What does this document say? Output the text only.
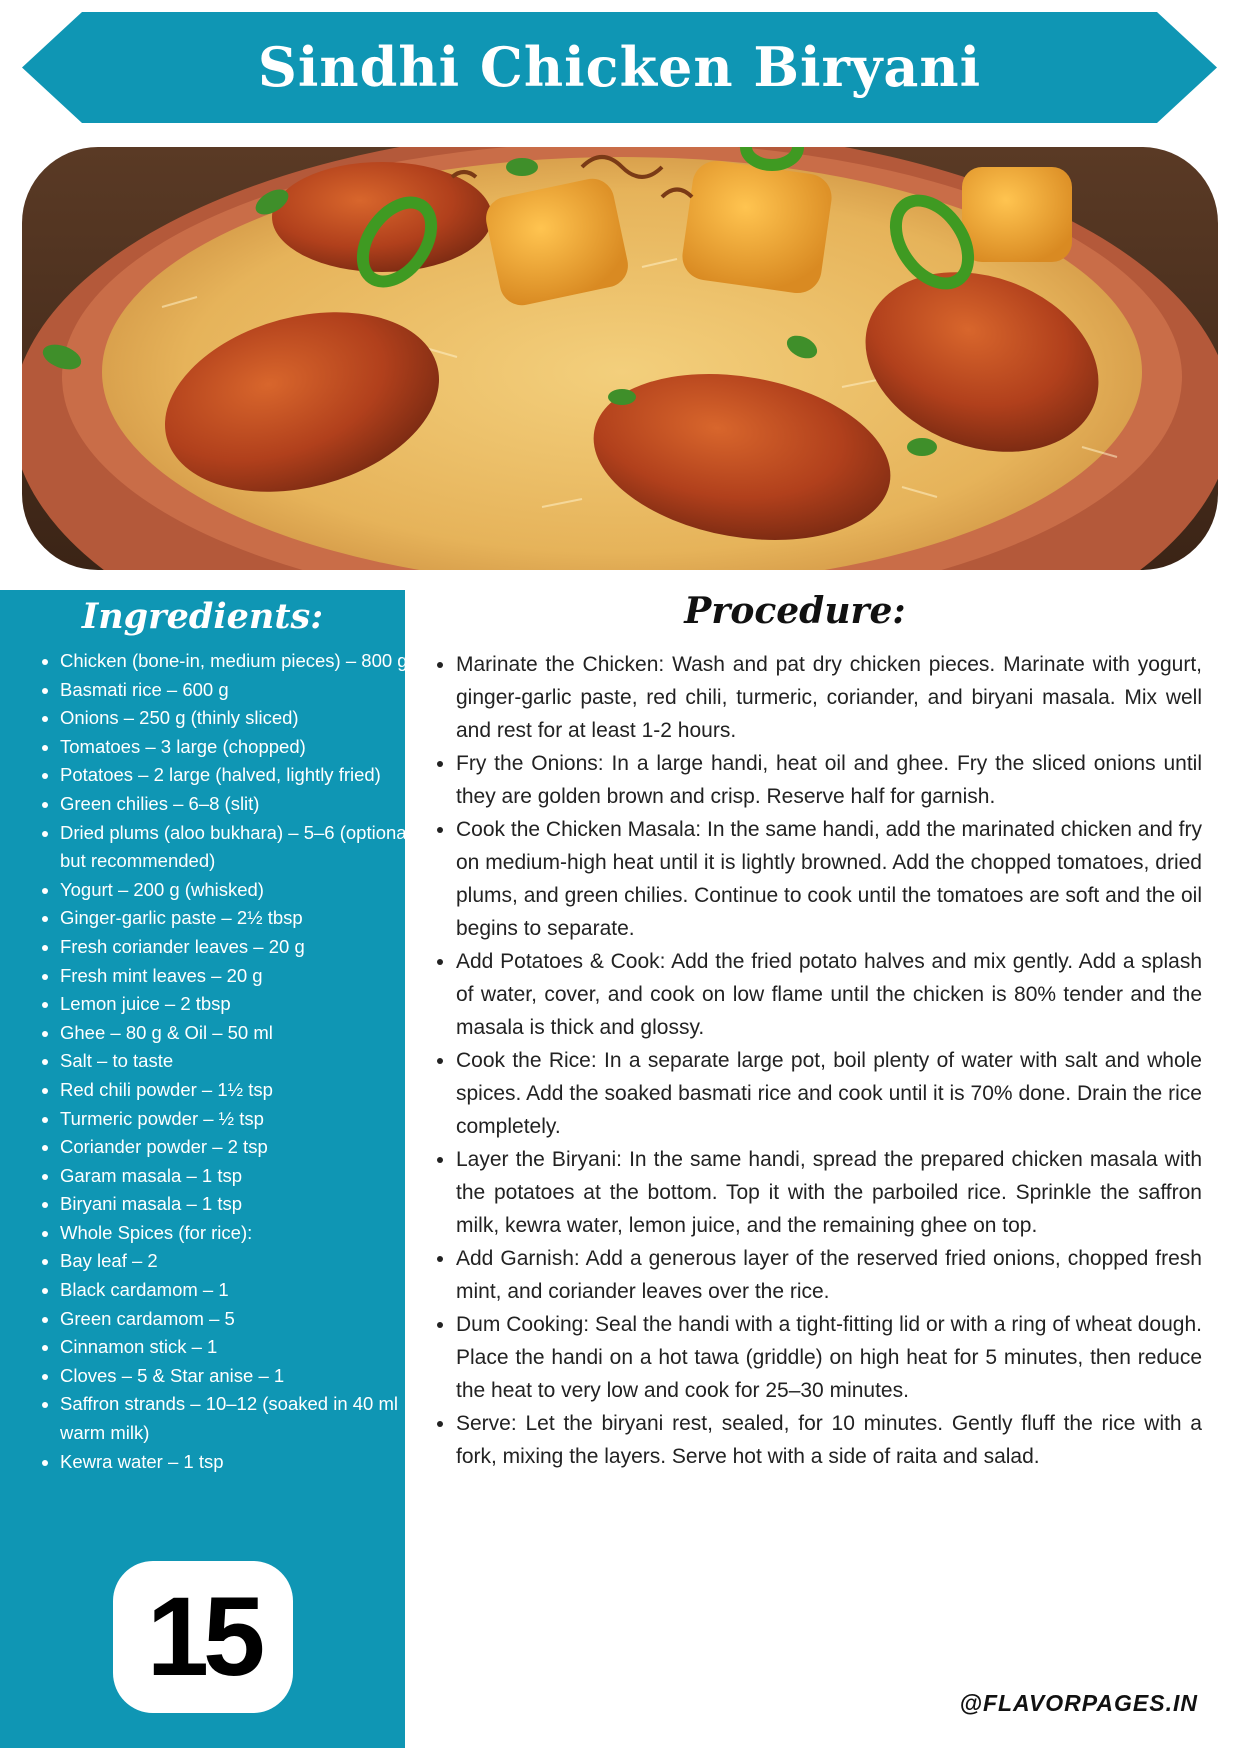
Sindhi Chicken Biryani
Ingredients:
• Chicken (bone-in, medium pieces) – 800 g
• Basmati rice – 600 g
• Onions – 250 g (thinly sliced)
• Tomatoes – 3 large (chopped)
• Potatoes – 2 large (halved, lightly fried)
• Green chilies – 6–8 (slit)
• Dried plums (aloo bukhara) – 5–6 (optional, but recommended)
• Yogurt – 200 g (whisked)
• Ginger-garlic paste – 2½ tbsp
• Fresh coriander leaves – 20 g
• Fresh mint leaves – 20 g
• Lemon juice – 2 tbsp
• Ghee – 80 g & Oil – 50 ml
• Salt – to taste
• Red chili powder – 1½ tsp
• Turmeric powder – ½ tsp
• Coriander powder – 2 tsp
• Garam masala – 1 tsp
• Biryani masala – 1 tsp
• Whole Spices (for rice):
• Bay leaf – 2
• Black cardamom – 1
• Green cardamom – 5
• Cinnamon stick – 1
• Cloves – 5 & Star anise – 1
• Saffron strands – 10–12 (soaked in 40 ml warm milk)
• Kewra water – 1 tsp
15
Procedure:
• Marinate the Chicken: Wash and pat dry chicken pieces. Marinate with yogurt, ginger-garlic paste, red chili, turmeric, coriander, and biryani masala. Mix well and rest for at least 1-2 hours.
• Fry the Onions: In a large handi, heat oil and ghee. Fry the sliced onions until they are golden brown and crisp. Reserve half for garnish.
• Cook the Chicken Masala: In the same handi, add the marinated chicken and fry on medium-high heat until it is lightly browned. Add the chopped tomatoes, dried plums, and green chilies. Continue to cook until the tomatoes are soft and the oil begins to separate.
• Add Potatoes & Cook: Add the fried potato halves and mix gently. Add a splash of water, cover, and cook on low flame until the chicken is 80% tender and the masala is thick and glossy.
• Cook the Rice: In a separate large pot, boil plenty of water with salt and whole spices. Add the soaked basmati rice and cook until it is 70% done. Drain the rice completely.
• Layer the Biryani: In the same handi, spread the prepared chicken masala with the potatoes at the bottom. Top it with the parboiled rice. Sprinkle the saffron milk, kewra water, lemon juice, and the remaining ghee on top.
• Add Garnish: Add a generous layer of the reserved fried onions, chopped fresh mint, and coriander leaves over the rice.
• Dum Cooking: Seal the handi with a tight-fitting lid or with a ring of wheat dough. Place the handi on a hot tawa (griddle) on high heat for 5 minutes, then reduce the heat to very low and cook for 25–30 minutes.
• Serve: Let the biryani rest, sealed, for 10 minutes. Gently fluff the rice with a fork, mixing the layers. Serve hot with a side of raita and salad.

@FLAVORPAGES.IN
